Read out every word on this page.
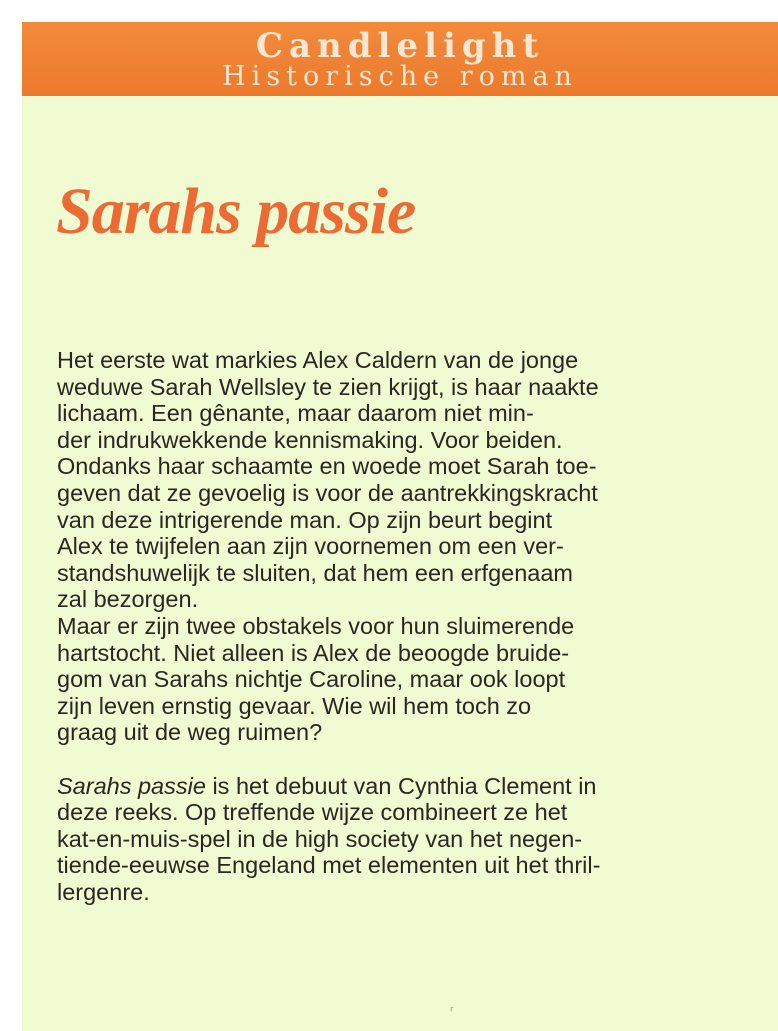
Candlelight
Historische roman
Sarahs passie
Het eerste wat markies Alex Caldern van de jonge
weduwe Sarah Wellsley te zien krijgt, is haar naakte
lichaam. Een gênante, maar daarom niet min-
der indrukwekkende kennismaking. Voor beiden.
Ondanks haar schaamte en woede moet Sarah toe-
geven dat ze gevoelig is voor de aantrekkingskracht
van deze intrigerende man. Op zijn beurt begint
Alex te twijfelen aan zijn voornemen om een ver-
standshuwelijk te sluiten, dat hem een erfgenaam
zal bezorgen.
Maar er zijn twee obstakels voor hun sluimerende
hartstocht. Niet alleen is Alex de beoogde bruide-
gom van Sarahs nichtje Caroline, maar ook loopt
zijn leven ernstig gevaar. Wie wil hem toch zo
graag uit de weg ruimen?
Sarahs passie is het debuut van Cynthia Clement in
deze reeks. Op treffende wijze combineert ze het
kat-en-muis-spel in de high society van het negen-
tiende-eeuwse Engeland met elementen uit het thril-
lergenre.
ʳ
